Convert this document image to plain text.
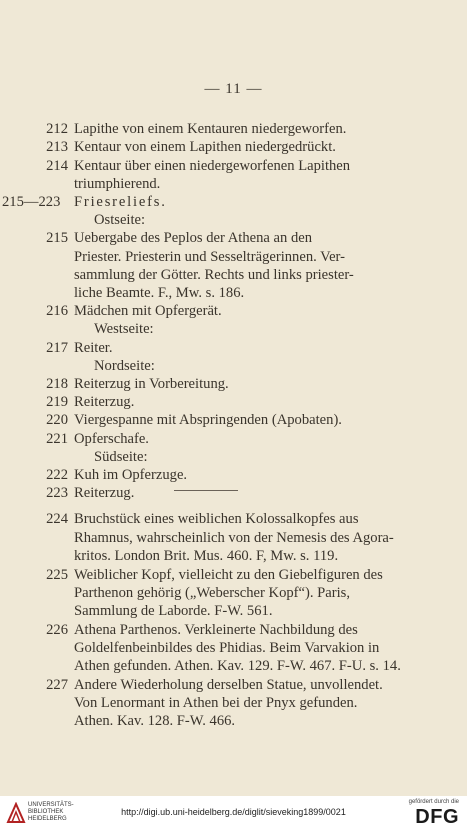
— 11 —
212 Lapithe von einem Kentauren niedergeworfen.
213 Kentaur von einem Lapithen niedergedrückt.
214 Kentaur über einen niedergeworfenen Lapithen
triumphierend.
215—223 Friesreliefs.
Ostseite:
215 Uebergabe des Peplos der Athena an den
Priester. Priesterin und Sesselträgerinnen. Ver-
sammlung der Götter. Rechts und links priester-
liche Beamte. F., Mw. s. 186.
216 Mädchen mit Opfergerät.
Westseite:
217 Reiter.
Nordseite:
218 Reiterzug in Vorbereitung.
219 Reiterzug.
220 Viergespanne mit Abspringenden (Apobaten).
221 Opferschafe.
Südseite:
222 Kuh im Opferzuge.
223 Reiterzug.
224 Bruchstück eines weiblichen Kolossalkopfes aus
Rhamnus, wahrscheinlich von der Nemesis des Agora-
kritos. London Brit. Mus. 460. F, Mw. s. 119.
225 Weiblicher Kopf, vielleicht zu den Giebelfiguren des
Parthenon gehörig („Weberscher Kopf“). Paris,
Sammlung de Laborde. F-W. 561.
226 Athena Parthenos. Verkleinerte Nachbildung des
Goldelfenbeinbildes des Phidias. Beim Varvakion in
Athen gefunden. Athen. Kav. 129. F-W. 467. F-U. s. 14.
227 Andere Wiederholung derselben Statue, unvollendet.
Von Lenormant in Athen bei der Pnyx gefunden.
Athen. Kav. 128. F-W. 466.
UNIVERSITÄTS-
BIBLIOTHEK
HEIDELBERG
http://digi.ub.uni-heidelberg.de/diglit/sieveking1899/0021
gefördert durch die
DFG
